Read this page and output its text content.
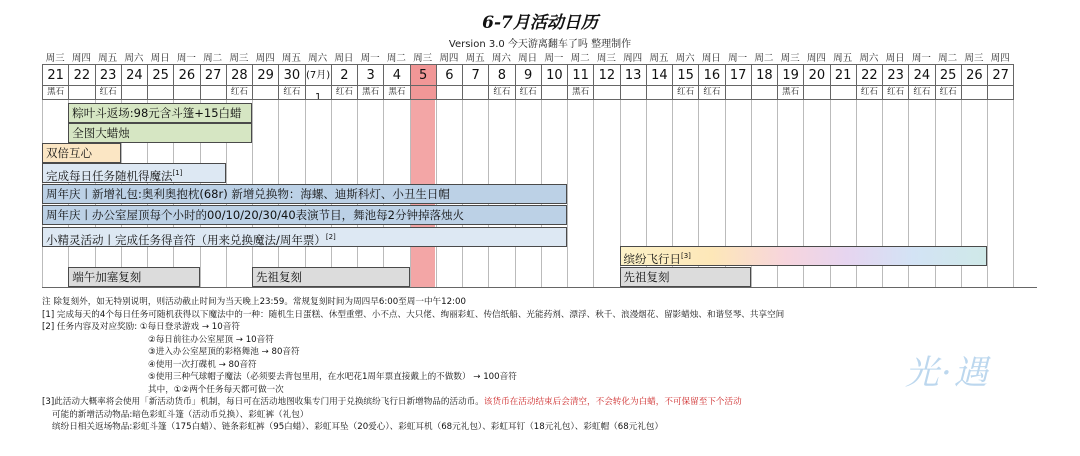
6-7月活动日历
Version 3.0 今天游离翻车了吗 整理制作
周三
21
黑石
周四
22
周五
23
红石
周六
24
周日
25
周一
26
周二
27
周三
28
红石
周四
29
周五
30
红石
周六
(7月) 1
周日
2
红石
周一
3
黑石
周二
4
黑石
周三
5
周四
6
周五
7
周六
8
红石
周日
9
红石
周一
10
周二
11
黑石
周三
12
周四
13
周五
14
周六
15
红石
周日
16
红石
周一
17
周二
18
周三
19
黑石
周四
20
周五
21
周六
22
红石
周日
23
红石
周一
24
红石
周二
25
红石
周三
26
周四
27
粽叶斗返场:98元含斗篷+15白蜡
全图大蜡烛
双倍互心
完成每日任务随机得魔法[1]
周年庆丨新增礼包:奥利奥抱枕(68r) 新增兑换物：海螺、迪斯科灯、小丑生日帽
周年庆丨办公室屋顶每个小时的00/10/20/30/40表演节目，舞池每2分钟掉落烛火
小精灵活动丨完成任务得音符（用来兑换魔法/周年票）[2]
缤纷飞行日[3]
端午加塞复刻	先祖复刻	先祖复刻
注 除复刻外，如无特别说明，则活动截止时间为当天晚上23:59。常规复刻时间为周四早6:00至周一中午12:00
[1] 完成每天的4个每日任务可随机获得以下魔法中的一种：随机生日蛋糕、休型重塑、小不点、大只佬、绚丽彩虹、传信纸船、光能药剂、漂浮、秋千、浪漫烟花、留影蜡烛、和谐竖琴、共享空间
[2] 任务内容及对应奖励: ①每日登录游戏 → 10音符
②每日前往办公室屋顶 → 10音符
③进入办公室屋顶的彩格舞池 → 80音符
④使用一次打碟机 → 80音符
⑤使用三种气球帽子魔法（必须要去背包里用，在水吧花1周年票直接戴上的不做数） → 100音符
其中，①②两个任务每天都可做一次
[3]此活动大概率将会使用「新活动货币」机制，每日可在活动地图收集专门用于兑换缤纷飞行日新增物品的活动币。该货币在活动结束后会清空，不会转化为白蜡，不可保留至下个活动
可能的新增活动物品:暗色彩虹斗篷（活动币兑换）、彩虹裤（礼包）
缤纷日相关返场物品:彩虹斗篷（175白蜡）、链条彩虹裤（95白蜡）、彩虹耳坠（20爱心）、彩虹耳机（68元礼包）、彩虹耳钉（18元礼包）、彩虹帽（68元礼包）
光·遇
